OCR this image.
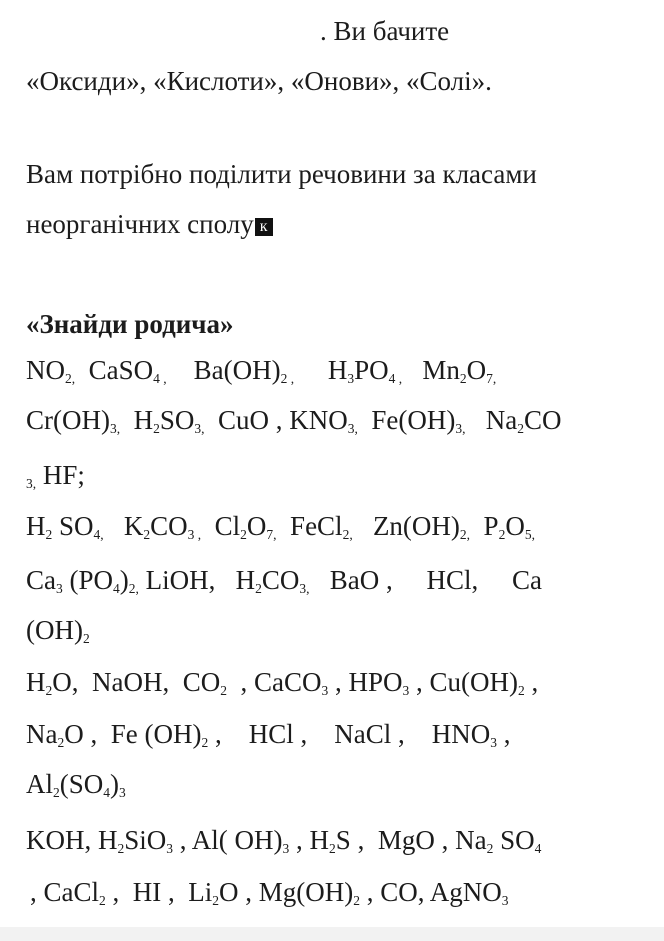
. Ви бачите
«Оксиди», «Кислоти», «Онови», «Солі».
Вам потрібно поділити речовини за класами
неорганічних сполу к
«Знайди родича»
$NO_{2,}$ CaSO$_4$ $_,$ $Ba(OH)_2$ $_,$ $H_3PO_4$ $_,$ $Mn_2O_{7,}$
$Cr(OH)_{3,}$ $H_2SO_{3,}$ CuO , $KNO_{3,}$ $Fe(OH)_{3,}$ $Na_2CO$
$_{3,}$ HF;
$H_2$ $SO_{4,}$ $K_2CO_3$ $_,$ $Cl_2O_{7,}$ FeCl$_{2,}$ $Zn(OH)_{2,}$ $P_2O_{5,}$
$Ca_3$ $(PO_4)_{2,}$ LiOH,   $H_2CO_{3,}$ BaO ,     HCl,     Ca
$(OH)_2$
$H_2O$,  NaOH,  $CO_2$  , CaCO$_3$ , $HPO_3$ , $Cu(OH)_2$ ,
$Na_2O$ ,  Fe $(OH)_2$ ,    HCl ,    NaCl ,    $HNO_3$ ,
$Al_2(SO_4)_3$
KOH, $H_2SiO_3$ , Al( $OH)_3$ , $H_2S$ ,  MgO , $Na_2$ $SO_4$
, CaCl$_2$ ,  HI ,  $Li_2O$ , $Mg(OH)_2$ , CO, AgNO$_3$
